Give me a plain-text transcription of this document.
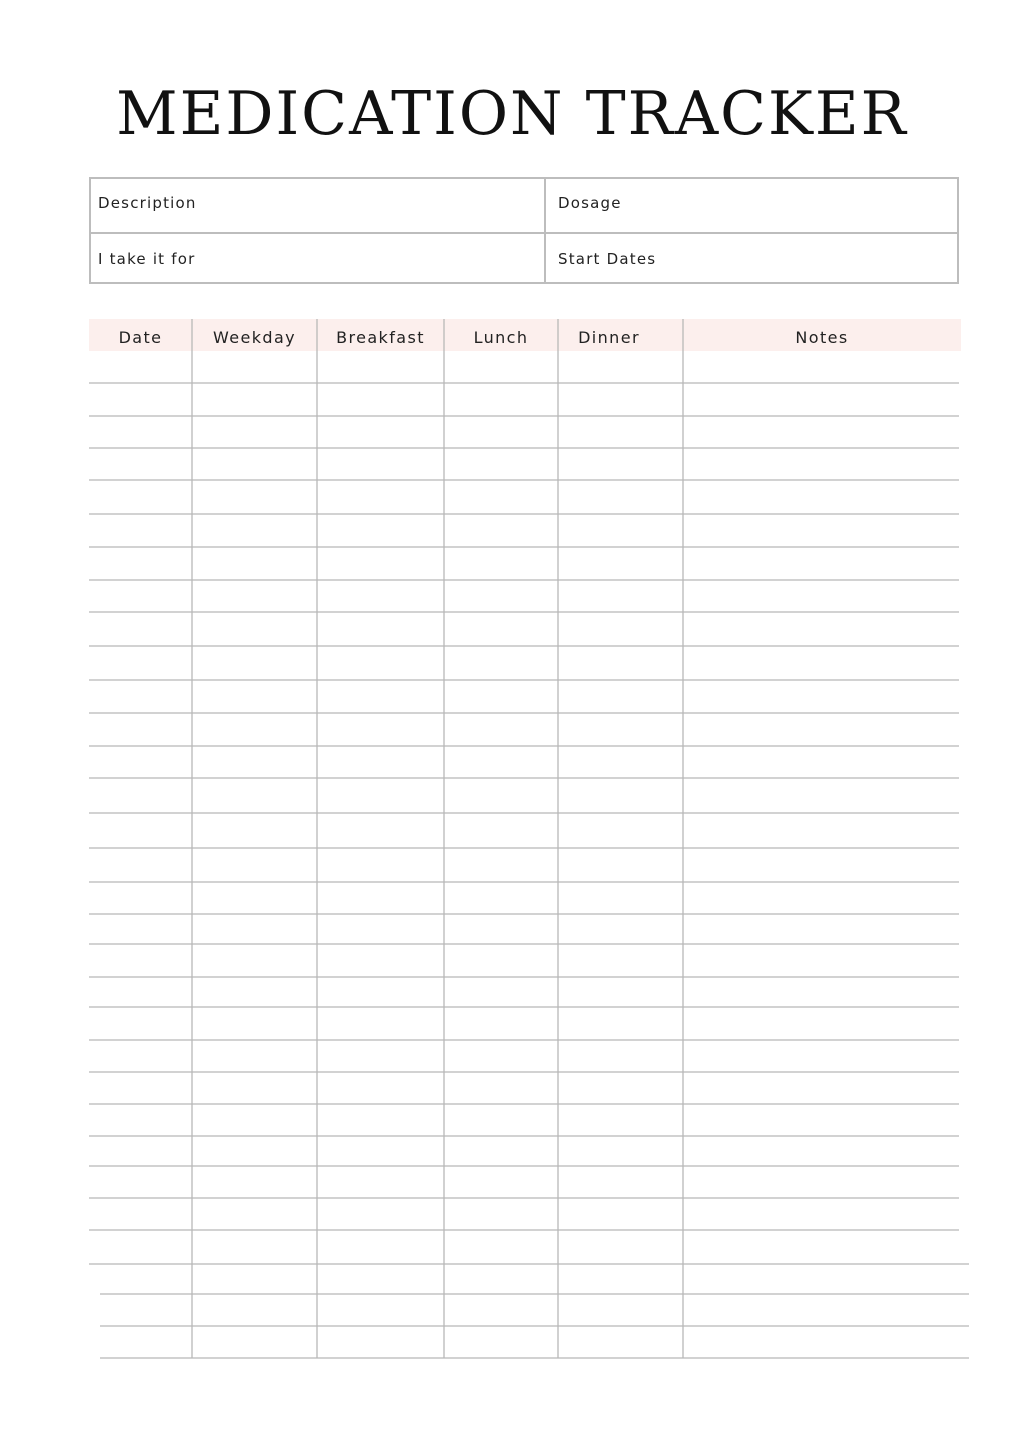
MEDICATION TRACKER
Description	Dosage
I take it for	Start Dates
Date	Weekday	Breakfast	Lunch	Dinner	Notes
